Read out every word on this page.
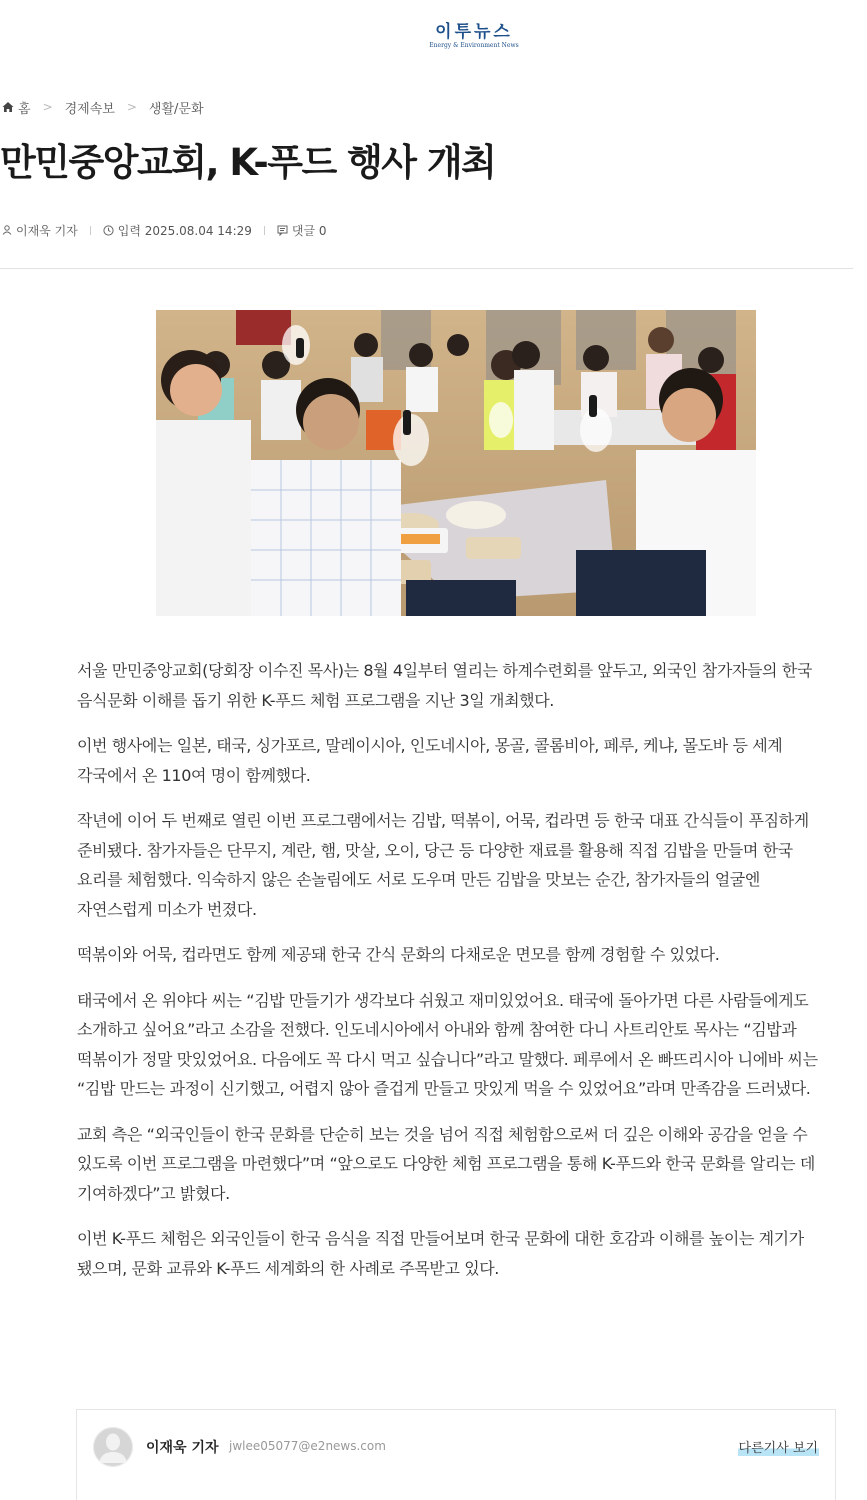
이투뉴스
Energy & Environment News
홈 > 경제속보 > 생활/문화
만민중앙교회, K-푸드 행사 개최
이재욱 기자	입력 2025.08.04 14:29	댓글 0

서울 만민중앙교회(당회장 이수진 목사)는 8월 4일부터 열리는 하계수련회를 앞두고, 외국인 참가자들의 한국 음식문화 이해를 돕기 위한 K-푸드 체험 프로그램을 지난 3일 개최했다.

이번 행사에는 일본, 태국, 싱가포르, 말레이시아, 인도네시아, 몽골, 콜롬비아, 페루, 케냐, 몰도바 등 세계 각국에서 온 110여 명이 함께했다.

작년에 이어 두 번째로 열린 이번 프로그램에서는 김밥, 떡볶이, 어묵, 컵라면 등 한국 대표 간식들이 푸짐하게 준비됐다. 참가자들은 단무지, 계란, 햄, 맛살, 오이, 당근 등 다양한 재료를 활용해 직접 김밥을 만들며 한국 요리를 체험했다. 익숙하지 않은 손놀림에도 서로 도우며 만든 김밥을 맛보는 순간, 참가자들의 얼굴엔 자연스럽게 미소가 번졌다.

떡볶이와 어묵, 컵라면도 함께 제공돼 한국 간식 문화의 다채로운 면모를 함께 경험할 수 있었다.

태국에서 온 위야다 씨는 “김밥 만들기가 생각보다 쉬웠고 재미있었어요. 태국에 돌아가면 다른 사람들에게도 소개하고 싶어요”라고 소감을 전했다. 인도네시아에서 아내와 함께 참여한 다니 사트리안토 목사는 “김밥과 떡볶이가 정말 맛있었어요. 다음에도 꼭 다시 먹고 싶습니다”라고 말했다. 페루에서 온 빠뜨리시아 니에바 씨는 “김밥 만드는 과정이 신기했고, 어렵지 않아 즐겁게 만들고 맛있게 먹을 수 있었어요”라며 만족감을 드러냈다.

교회 측은 “외국인들이 한국 문화를 단순히 보는 것을 넘어 직접 체험함으로써 더 깊은 이해와 공감을 얻을 수 있도록 이번 프로그램을 마련했다”며 “앞으로도 다양한 체험 프로그램을 통해 K-푸드와 한국 문화를 알리는 데 기여하겠다”고 밝혔다.

이번 K-푸드 체험은 외국인들이 한국 음식을 직접 만들어보며 한국 문화에 대한 호감과 이해를 높이는 계기가 됐으며, 문화 교류와 K-푸드 세계화의 한 사례로 주목받고 있다.

이재욱 기자 jwlee05077@e2news.com	다른기사 보기
